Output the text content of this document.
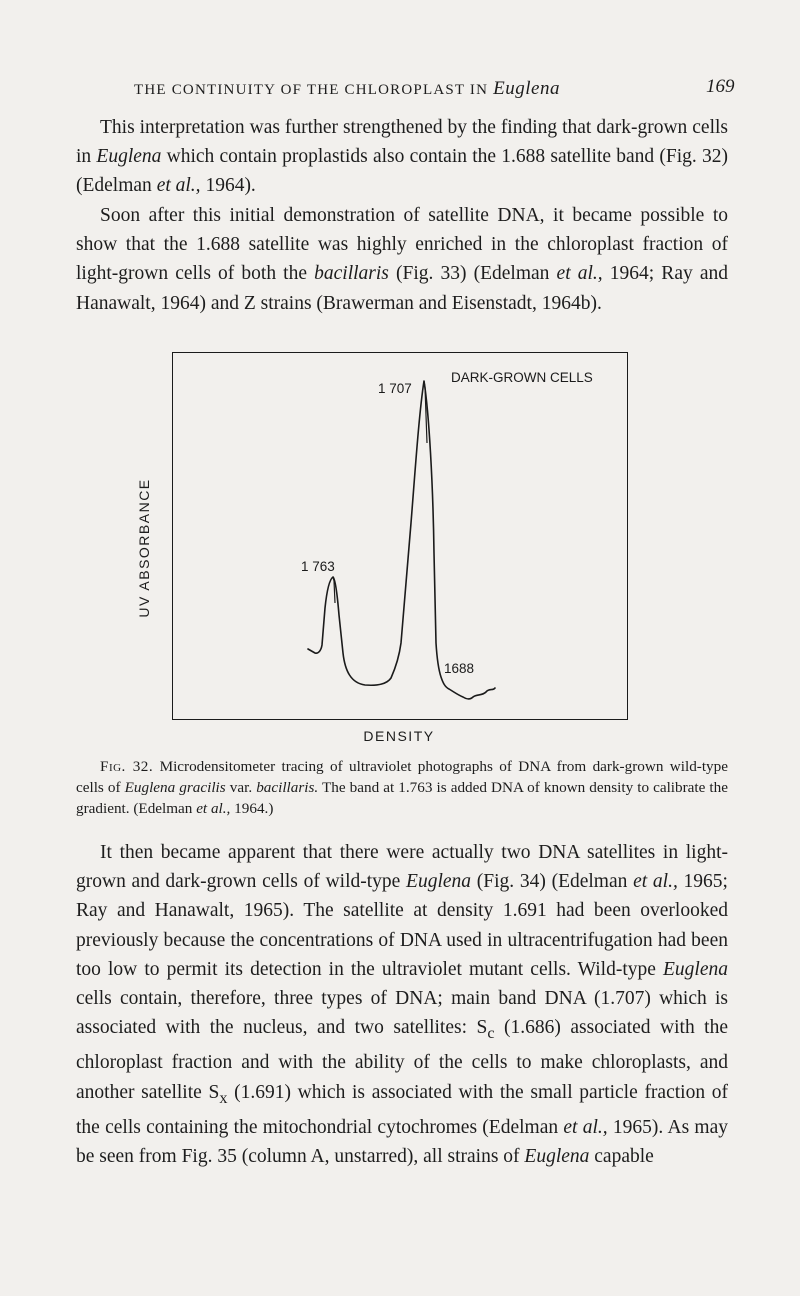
THE CONTINUITY OF THE CHLOROPLAST IN Euglena	169

This interpretation was further strengthened by the finding that dark-grown cells in Euglena which contain proplastids also contain the 1.688 satellite band (Fig. 32) (Edelman et al., 1964).

Soon after this initial demonstration of satellite DNA, it became possible to show that the 1.688 satellite was highly enriched in the chloroplast fraction of light-grown cells of both the bacillaris (Fig. 33) (Edelman et al., 1964; Ray and Hanawalt, 1964) and Z strains (Brawerman and Eisenstadt, 1964b).

UV ABSORBANCE
DARK-GROWN CELLS
1 707
1 763
1688
DENSITY

Fig. 32. Microdensitometer tracing of ultraviolet photographs of DNA from dark-grown wild-type cells of Euglena gracilis var. bacillaris. The band at 1.763 is added DNA of known density to calibrate the gradient. (Edelman et al., 1964.)

It then became apparent that there were actually two DNA satellites in light-grown and dark-grown cells of wild-type Euglena (Fig. 34) (Edelman et al., 1965; Ray and Hanawalt, 1965). The satellite at density 1.691 had been overlooked previously because the concentrations of DNA used in ultracentrifugation had been too low to permit its detection in the ultraviolet mutant cells. Wild-type Euglena cells contain, therefore, three types of DNA; main band DNA (1.707) which is associated with the nucleus, and two satellites: $S_c$ (1.686) associated with the chloroplast fraction and with the ability of the cells to make chloroplasts, and another satellite $S_x$ (1.691) which is associated with the small particle fraction of the cells containing the mitochondrial cytochromes (Edelman et al., 1965). As may be seen from Fig. 35 (column A, unstarred), all strains of Euglena capable
